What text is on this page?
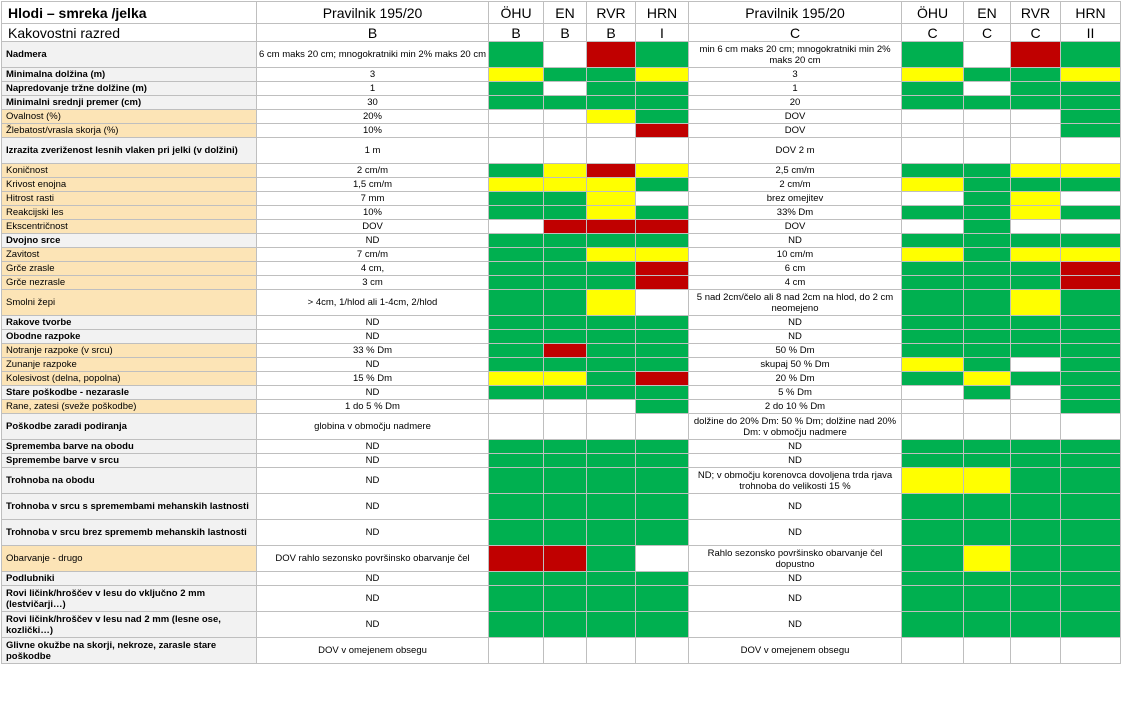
Hlodi – smreka /jelka	Pravilnik 195/20	ÖHU	EN	RVR	HRN	Pravilnik 195/20	ÖHU	EN	RVR	HRN
Kakovostni razred	B	B	B	B	I	C	C	C	C	II
Nadmera	6 cm maks 20 cm; mnogokratniki min 2% maks 20 cm					min 6 cm maks 20 cm; mnogokratniki min 2% maks 20 cm				
Minimalna dolžina (m)	3					3				
Napredovanje tržne dolžine (m)	1					1				
Minimalni srednji premer (cm)	30					20				
Ovalnost (%)	20%					DOV				
Žlebatost/vrasla skorja (%)	10%					DOV				
Izrazita zveriženost lesnih vlaken pri jelki (v dolžini)	1 m					DOV 2 m				
Koničnost	2 cm/m					2,5 cm/m				
Krivost enojna	1,5 cm/m					2 cm/m				
Hitrost rasti	7 mm					brez omejitev				
Reakcijski les	10%					33% Dm				
Ekscentričnost	DOV					DOV				
Dvojno srce	ND					ND				
Zavitost	7 cm/m					10 cm/m				
Grče zrasle	4 cm,					6 cm				
Grče nezrasle	3 cm					4 cm				
Smolni žepi	> 4cm, 1/hlod ali 1-4cm, 2/hlod					5 nad 2cm/čelo ali 8 nad 2cm na hlod, do 2 cm neomejeno				
Rakove tvorbe	ND					ND				
Obodne razpoke	ND					ND				
Notranje razpoke (v srcu)	33 % Dm					50 % Dm				
Zunanje razpoke	ND					skupaj 50 % Dm				
Kolesivost (delna, popolna)	15 % Dm					20 % Dm				
Stare poškodbe - nezarasle	ND					5 % Dm				
Rane, zatesi (sveže poškodbe)	1 do 5 % Dm					2 do 10 % Dm				
Poškodbe zaradi podiranja	globina v območju nadmere					dolžine do 20% Dm: 50 % Dm; dolžine nad 20% Dm: v območju nadmere				
Sprememba barve na obodu	ND					ND				
Spremembe barve v srcu	ND					ND				
Trohnoba na obodu	ND					ND; v območju korenovca dovoljena trda rjava trohnoba do velikosti 15 %				
Trohnoba v srcu s spremembami mehanskih lastnosti	ND					ND				
Trohnoba v srcu brez sprememb mehanskih lastnosti	ND					ND				
Obarvanje - drugo	DOV rahlo sezonsko površinsko obarvanje čel					Rahlo sezonsko površinsko obarvanje čel dopustno				
Podlubniki	ND					ND				
Rovi ličink/hroščev v lesu do vključno 2 mm (lestvičarji…)	ND					ND				
Rovi ličink/hroščev v lesu nad 2 mm (lesne ose, kozlički…)	ND					ND				
Glivne okužbe na skorji, nekroze, zarasle stare poškodbe	DOV v omejenem obsegu					DOV v omejenem obsegu				
